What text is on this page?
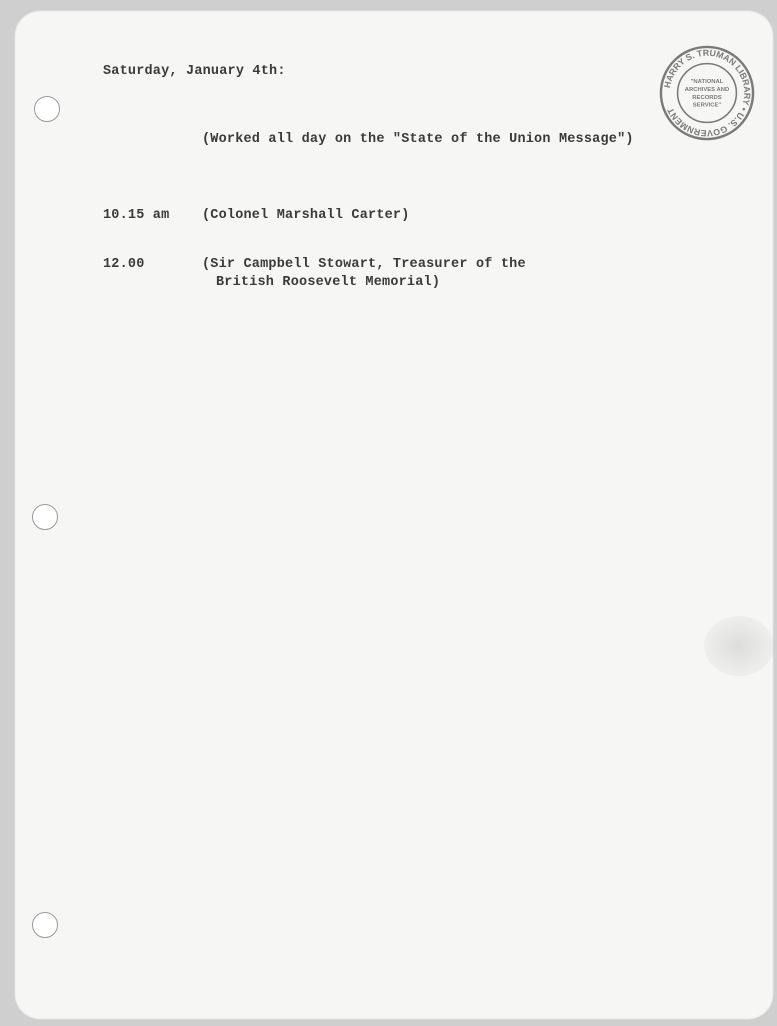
Saturday, January 4th:
(Worked all day on the "State of the Union Message")
10.15 am (Colonel Marshall Carter)
12.00	(Sir Campbell Stowart, Treasurer of the
British Roosevelt Memorial)
HARRY S. TRUMAN LIBRARY • U.S. GOVERNMENT
"NATIONAL
ARCHIVES AND
RECORDS
SERVICE"
